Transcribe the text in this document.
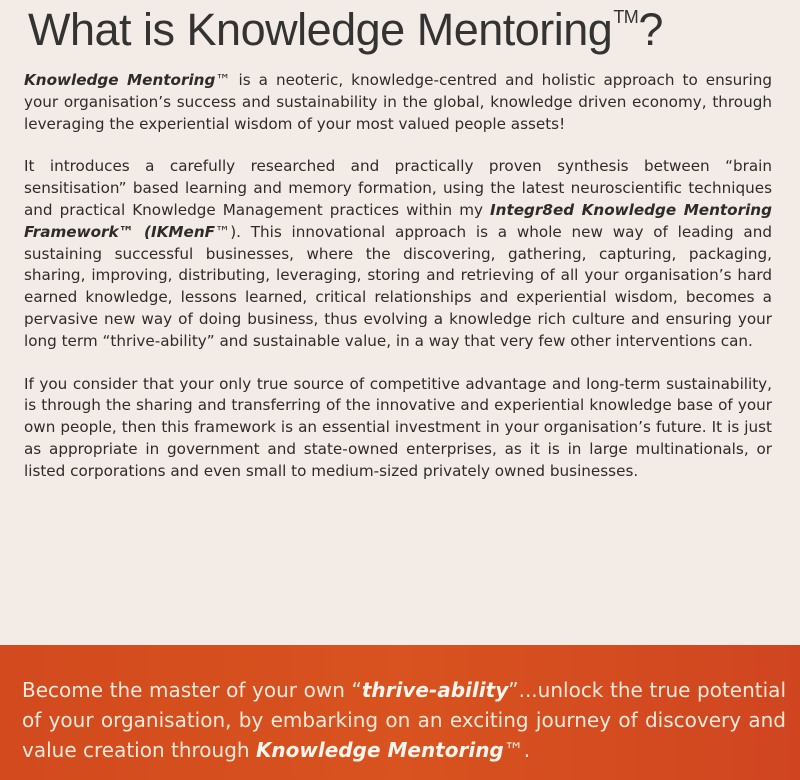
What is Knowledge Mentoring™?

Knowledge Mentoring™ is a neoteric, knowledge-centred and holistic approach to ensuring your organisation’s success and sustainability in the global, knowledge driven economy, through leveraging the experiential wisdom of your most valued people assets!

It introduces a carefully researched and practically proven synthesis between “brain sensitisation” based learning and memory formation, using the latest neuroscientific techniques and practical Knowledge Management practices within my Integr8ed Knowledge Mentoring Framework™ (IKMenF™). This innovational approach is a whole new way of leading and sustaining successful businesses, where the discovering, gathering, capturing, packaging, sharing, improving, distributing, leveraging, storing and retrieving of all your organisation’s hard earned knowledge, lessons learned, critical relationships and experiential wisdom, becomes a pervasive new way of doing business, thus evolving a knowledge rich culture and ensuring your long term “thrive-ability” and sustainable value, in a way that very few other interventions can.

If you consider that your only true source of competitive advantage and long-term sustainability, is through the sharing and transferring of the innovative and experiential knowledge base of your own people, then this framework is an essential investment in your organisation’s future. It is just as appropriate in government and state-owned enterprises, as it is in large multinationals, or listed corporations and even small to medium-sized privately owned businesses.

Become the master of your own “thrive-ability”...unlock the true potential of your organisation, by embarking on an exciting journey of discovery and value creation through Knowledge Mentoring™.
